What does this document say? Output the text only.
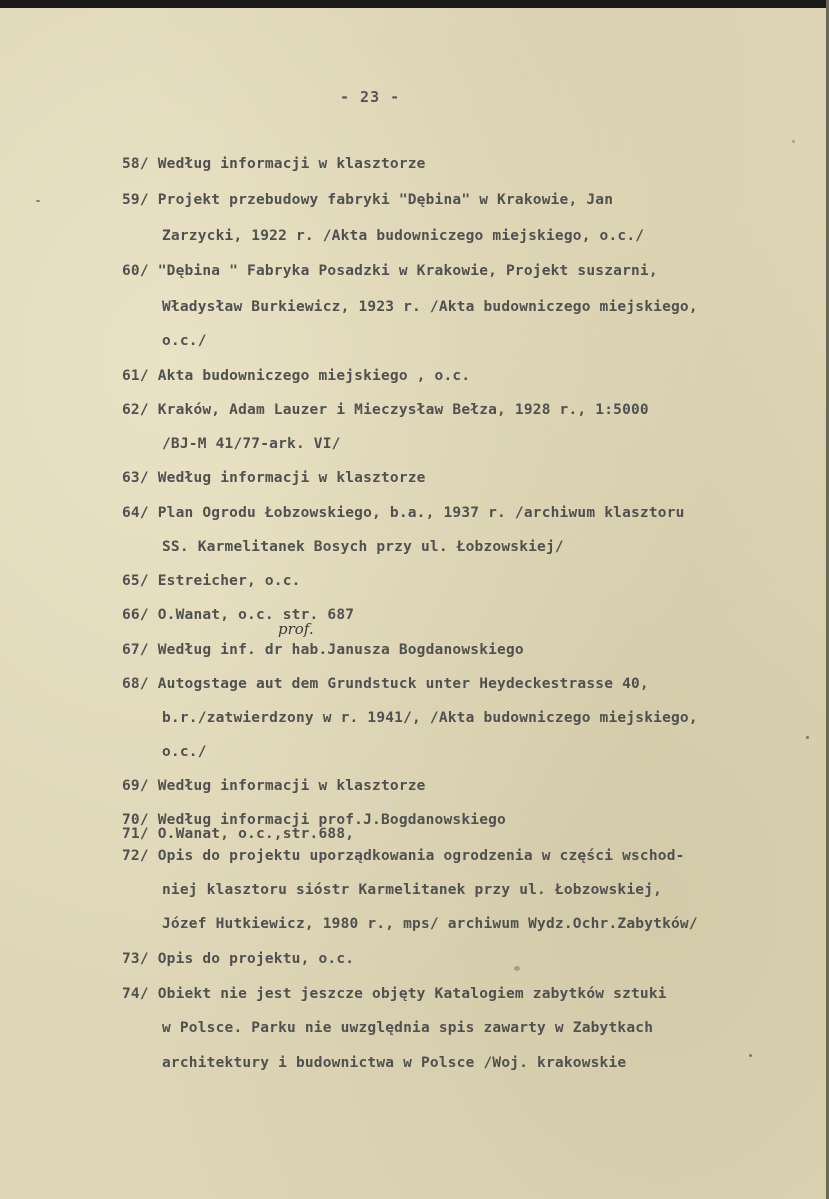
- 23 -
58/ Według informacji w klasztorze
59/ Projekt przebudowy fabryki "Dębina" w Krakowie, Jan
Zarzycki, 1922 r. /Akta budowniczego miejskiego, o.c./
60/ "Dębina " Fabryka Posadzki w Krakowie, Projekt suszarni,
Władysław Burkiewicz, 1923 r. /Akta budowniczego miejskiego,
o.c./
61/ Akta budowniczego miejskiego , o.c.
62/ Kraków, Adam Lauzer i Mieczysław Bełza, 1928 r., 1:5000
/BJ-M 41/77-ark. VI/
63/ Według informacji w klasztorze
64/ Plan Ogrodu Łobzowskiego, b.a., 1937 r. /archiwum klasztoru
SS. Karmelitanek Bosych przy ul. Łobzowskiej/
65/ Estreicher, o.c.
66/ O.Wanat, o.c. str. 687
prof.
67/ Według inf. dr hab.Janusza Bogdanowskiego
68/ Autogstage aut dem Grundstuck unter Heydeckestrasse 40,
b.r./zatwierdzony w r. 1941/, /Akta budowniczego miejskiego,
o.c./
69/ Według informacji w klasztorze
70/ Według informacji prof.J.Bogdanowskiego
71/ O.Wanat, o.c.,str.688,
72/ Opis do projektu uporządkowania ogrodzenia w części wschod-
niej klasztoru sióstr Karmelitanek przy ul. Łobzowskiej,
Józef Hutkiewicz, 1980 r., mps/ archiwum Wydz.Ochr.Zabytków/
73/ Opis do projektu, o.c.
74/ Obiekt nie jest jeszcze objęty Katalogiem zabytków sztuki
w Polsce. Parku nie uwzględnia spis zawarty w Zabytkach
architektury i budownictwa w Polsce /Woj. krakowskie
